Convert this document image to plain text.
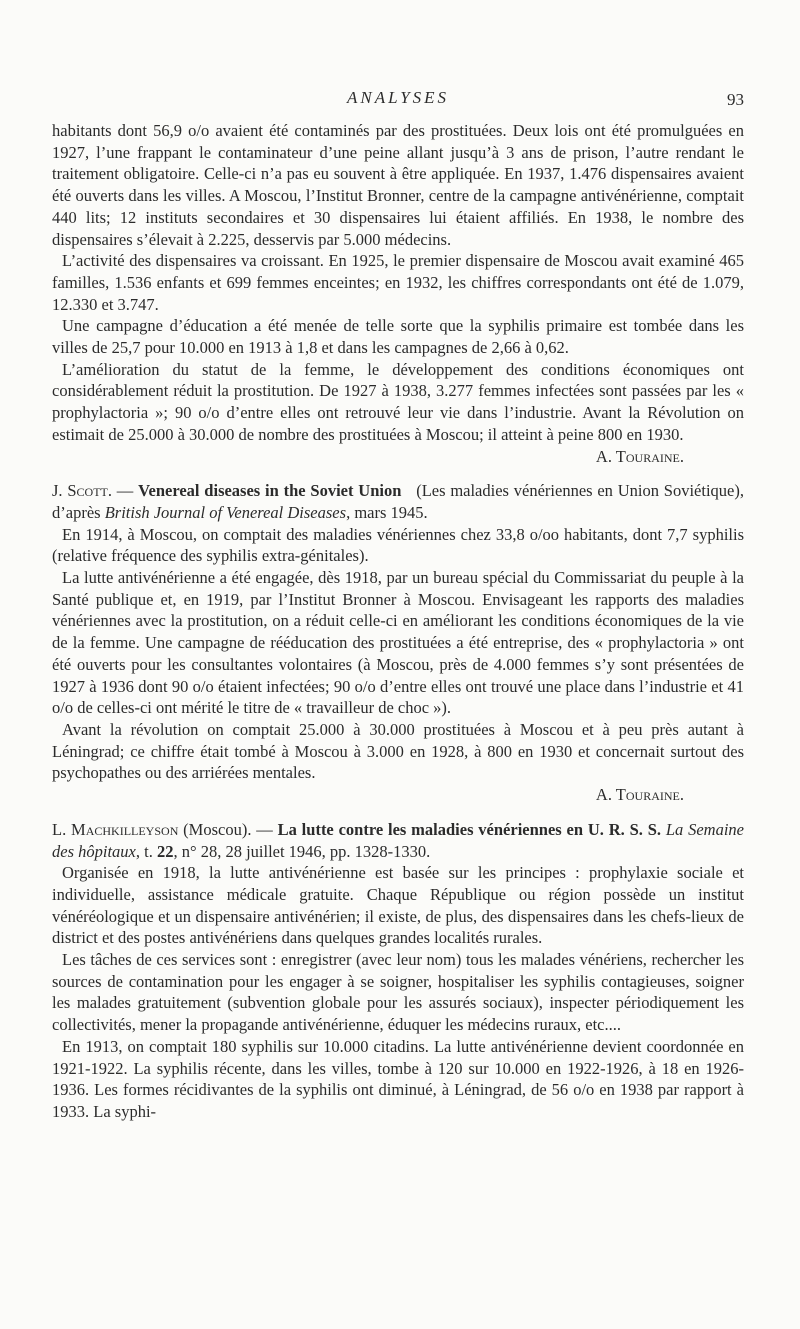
ANALYSES	93

habitants dont 56,9 o/o avaient été contaminés par des prostituées. Deux lois ont été promulguées en 1927, l’une frappant le contaminateur d’une peine allant jusqu’à 3 ans de prison, l’autre rendant le traitement obligatoire. Celle-ci n’a pas eu souvent à être appliquée. En 1937, 1.476 dispensaires avaient été ouverts dans les villes. A Moscou, l’Institut Bronner, centre de la campagne antivénérienne, comptait 440 lits; 12 instituts secondaires et 30 dispensaires lui étaient affiliés. En 1938, le nombre des dispensaires s’élevait à 2.225, desservis par 5.000 médecins.

L’activité des dispensaires va croissant. En 1925, le premier dispensaire de Moscou avait examiné 465 familles, 1.536 enfants et 699 femmes enceintes; en 1932, les chiffres correspondants ont été de 1.079, 12.330 et 3.747.

Une campagne d’éducation a été menée de telle sorte que la syphilis primaire est tombée dans les villes de 25,7 pour 10.000 en 1913 à 1,8 et dans les campagnes de 2,66 à 0,62.

L’amélioration du statut de la femme, le développement des conditions économiques ont considérablement réduit la prostitution. De 1927 à 1938, 3.277 femmes infectées sont passées par les « prophylactoria »; 90 o/o d’entre elles ont retrouvé leur vie dans l’industrie. Avant la Révolution on estimait de 25.000 à 30.000 de nombre des prostituées à Moscou; il atteint à peine 800 en 1930.

A. Touraine.

J. Scott. — Venereal diseases in the Soviet Union (Les maladies vénériennes en Union Soviétique), d’après British Journal of Venereal Diseases, mars 1945.

En 1914, à Moscou, on comptait des maladies vénériennes chez 33,8 o/oo habitants, dont 7,7 syphilis (relative fréquence des syphilis extra-génitales).

La lutte antivénérienne a été engagée, dès 1918, par un bureau spécial du Commissariat du peuple à la Santé publique et, en 1919, par l’Institut Bronner à Moscou. Envisageant les rapports des maladies vénériennes avec la prostitution, on a réduit celle-ci en améliorant les conditions économiques de la vie de la femme. Une campagne de rééducation des prostituées a été entreprise, des « prophylactoria » ont été ouverts pour les consultantes volontaires (à Moscou, près de 4.000 femmes s’y sont présentées de 1927 à 1936 dont 90 o/o étaient infectées; 90 o/o d’entre elles ont trouvé une place dans l’industrie et 41 o/o de celles-ci ont mérité le titre de « travailleur de choc »).

Avant la révolution on comptait 25.000 à 30.000 prostituées à Moscou et à peu près autant à Léningrad; ce chiffre était tombé à Moscou à 3.000 en 1928, à 800 en 1930 et concernait surtout des psychopathes ou des arriérées mentales.

A. Touraine.

L. Machkilleyson (Moscou). — La lutte contre les maladies vénériennes en U. R. S. S. La Semaine des hôpitaux, t. 22, n° 28, 28 juillet 1946, pp. 1328-1330.

Organisée en 1918, la lutte antivénérienne est basée sur les principes : prophylaxie sociale et individuelle, assistance médicale gratuite. Chaque République ou région possède un institut vénéréologique et un dispensaire antivénérien; il existe, de plus, des dispensaires dans les chefs-lieux de district et des postes antivénériens dans quelques grandes localités rurales.

Les tâches de ces services sont : enregistrer (avec leur nom) tous les malades vénériens, rechercher les sources de contamination pour les engager à se soigner, hospitaliser les syphilis contagieuses, soigner les malades gratuitement (subvention globale pour les assurés sociaux), inspecter périodiquement les collectivités, mener la propagande antivénérienne, éduquer les médecins ruraux, etc....

En 1913, on comptait 180 syphilis sur 10.000 citadins. La lutte antivénérienne devient coordonnée en 1921-1922. La syphilis récente, dans les villes, tombe à 120 sur 10.000 en 1922-1926, à 18 en 1926-1936. Les formes récidivantes de la syphilis ont diminué, à Léningrad, de 56 o/o en 1938 par rapport à 1933. La syphi-
